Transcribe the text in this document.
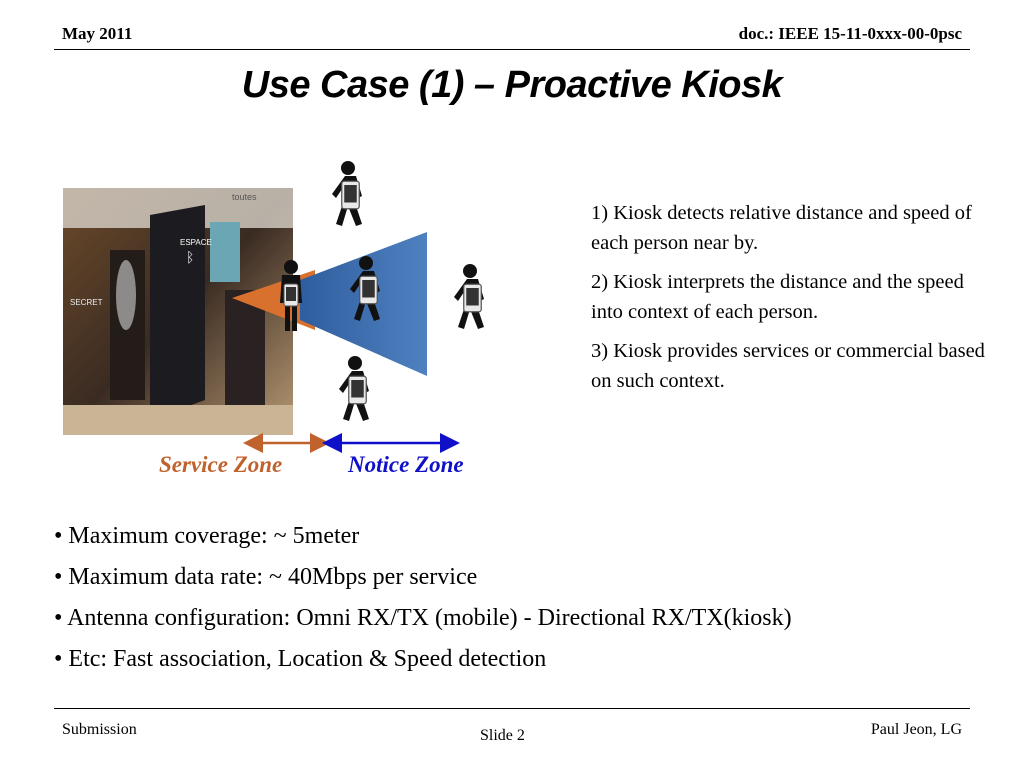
May 2011	doc.: IEEE 15-11-0xxx-00-0psc
Use Case (1) – Proactive Kiosk
ESPACE
toutes
SECRET
ᛒ
Service Zone	Notice Zone

1) Kiosk detects relative distance and speed of each person near by.

2) Kiosk interprets the distance and the speed into context of each person.

3) Kiosk provides services or commercial based on such context.

• Maximum coverage: ~ 5meter
• Maximum data rate: ~ 40Mbps per service
• Antenna configuration: Omni RX/TX (mobile) - Directional RX/TX(kiosk)
• Etc: Fast association, Location & Speed detection
Submission	Slide 2	Paul Jeon, LG
